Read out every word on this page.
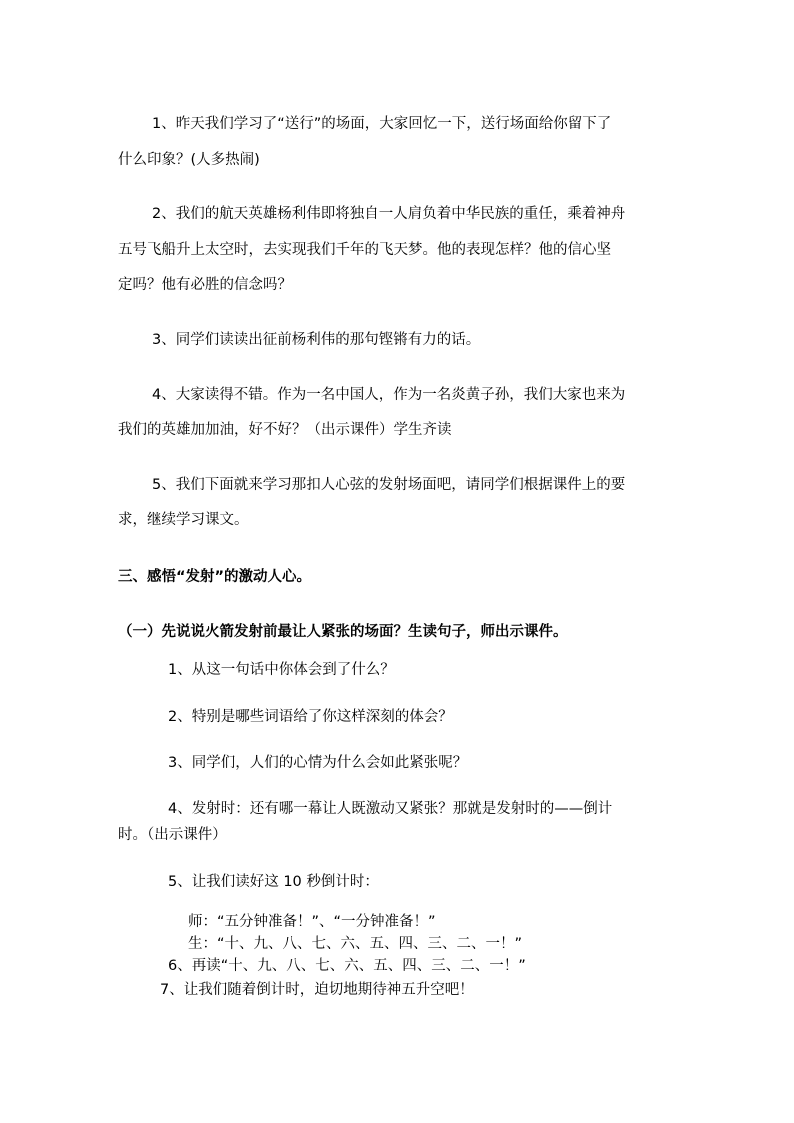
1、昨天我们学习了“送行”的场面，大家回忆一下，送行场面给你留下了
什么印象？(人多热闹)
2、我们的航天英雄杨利伟即将独自一人肩负着中华民族的重任，乘着神舟
五号飞船升上太空时，去实现我们千年的飞天梦。他的表现怎样？他的信心坚
定吗？他有必胜的信念吗？
3、同学们读读出征前杨利伟的那句铿锵有力的话。
4、大家读得不错。作为一名中国人，作为一名炎黄子孙，我们大家也来为
我们的英雄加加油，好不好？（出示课件）学生齐读
5、我们下面就来学习那扣人心弦的发射场面吧，请同学们根据课件上的要
求，继续学习课文。
三、感悟“发射”的激动人心。
（一）先说说火箭发射前最让人紧张的场面？生读句子，师出示课件。
1、从这一句话中你体会到了什么？
2、特别是哪些词语给了你这样深刻的体会？
3、同学们，人们的心情为什么会如此紧张呢？
4、发射时：还有哪一幕让人既激动又紧张？那就是发射时的——倒计
时。（出示课件）
5、让我们读好这 10 秒倒计时：
师：“五分钟准备！”、“一分钟准备！”
生：“十、九、八、七、六、五、四、三、二、一！”
6、再读“十、九、八、七、六、五、四、三、二、一！”
7、让我们随着倒计时，迫切地期待神五升空吧！
